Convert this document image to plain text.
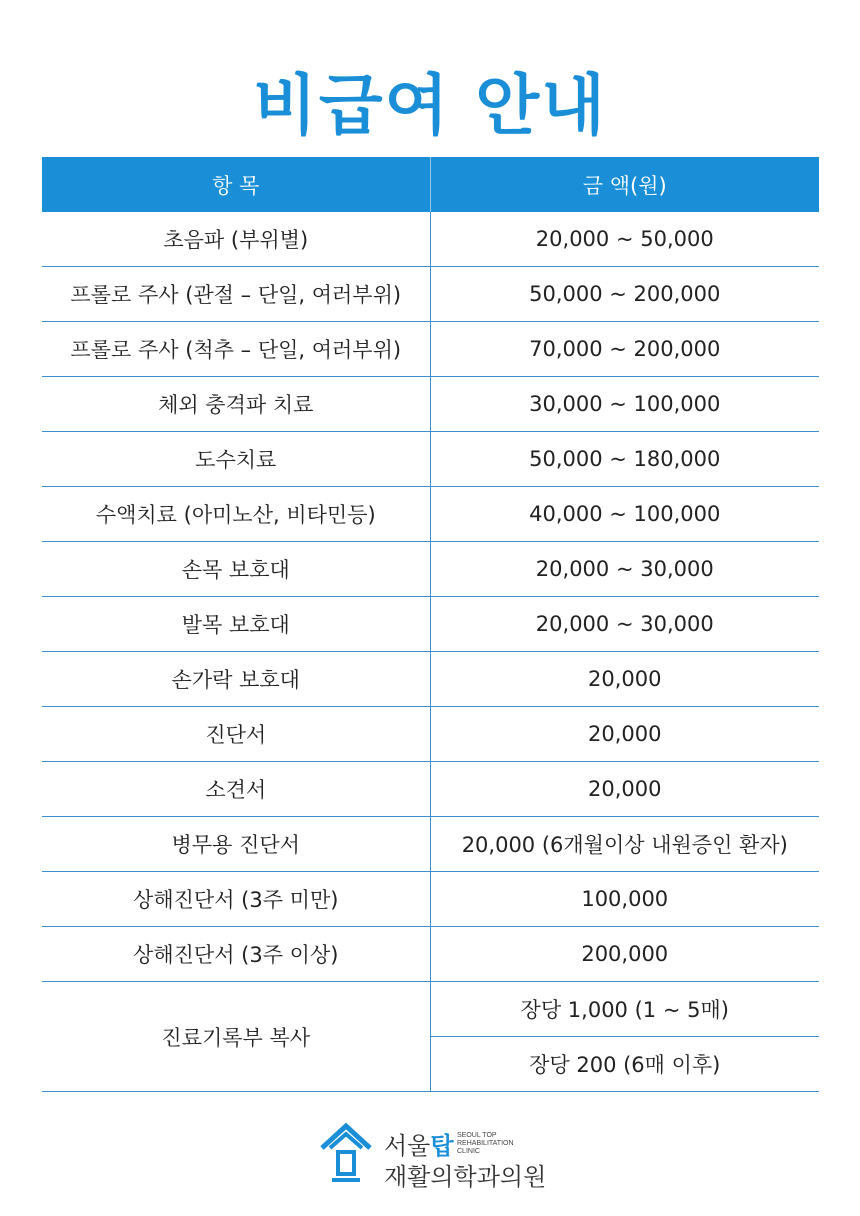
비급여 안내
항 목	금 액(원)
초음파 (부위별)	20,000 ~ 50,000
프롤로 주사 (관절 – 단일, 여러부위)	50,000 ~ 200,000
프롤로 주사 (척추 – 단일, 여러부위)	70,000 ~ 200,000
체외 충격파 치료	30,000 ~ 100,000
도수치료	50,000 ~ 180,000
수액치료 (아미노산, 비타민등)	40,000 ~ 100,000
손목 보호대	20,000 ~ 30,000
발목 보호대	20,000 ~ 30,000
손가락 보호대	20,000
진단서	20,000
소견서	20,000
병무용 진단서	20,000 (6개월이상 내원증인 환자)
상해진단서 (3주 미만)	100,000
상해진단서 (3주 이상)	200,000
진료기록부 복사	장당 1,000 (1 ~ 5매)
	장당 200 (6매 이후)
서울탑 SEOUL TOP
REHABILITATION
CLINIC
재활의학과의원
